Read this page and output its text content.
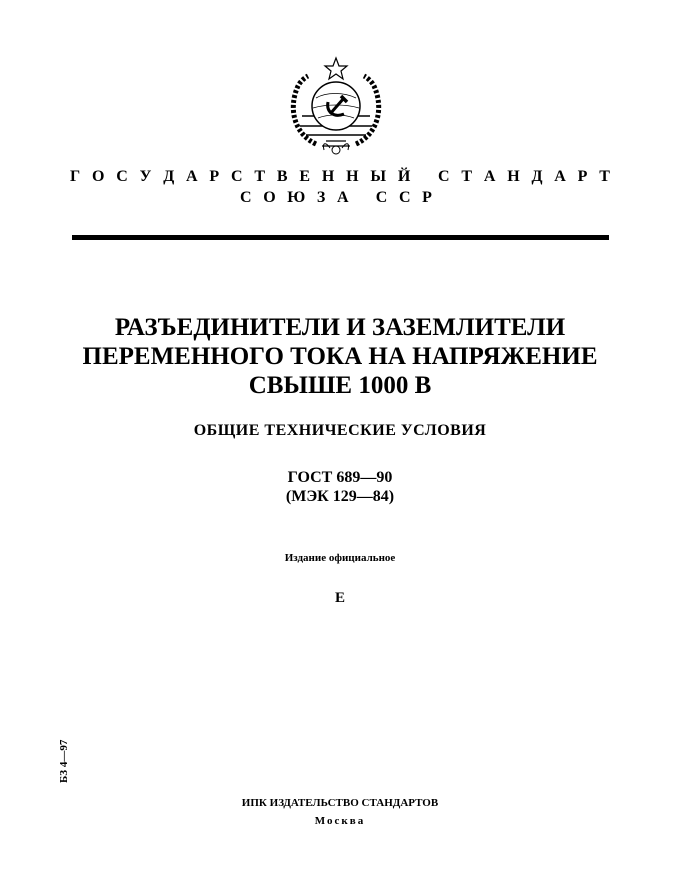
Г О С У Д А Р С Т В Е Н Н Ы Й
С Т А Н Д А Р Т
С О Ю З А
С С Р
РАЗЪЕДИНИТЕЛИ И ЗАЗЕМЛИТЕЛИ
ПЕРЕМЕННОГО ТОКА НА НАПРЯЖЕНИЕ
СВЫШЕ 1000 В
ОБЩИЕ ТЕХНИЧЕСКИЕ УСЛОВИЯ
ГОСТ 689—90
(МЭК 129—84)
Издание официальное
Е
БЗ 4—97
ИПК ИЗДАТЕЛЬСТВО СТАНДАРТОВ
Москва
